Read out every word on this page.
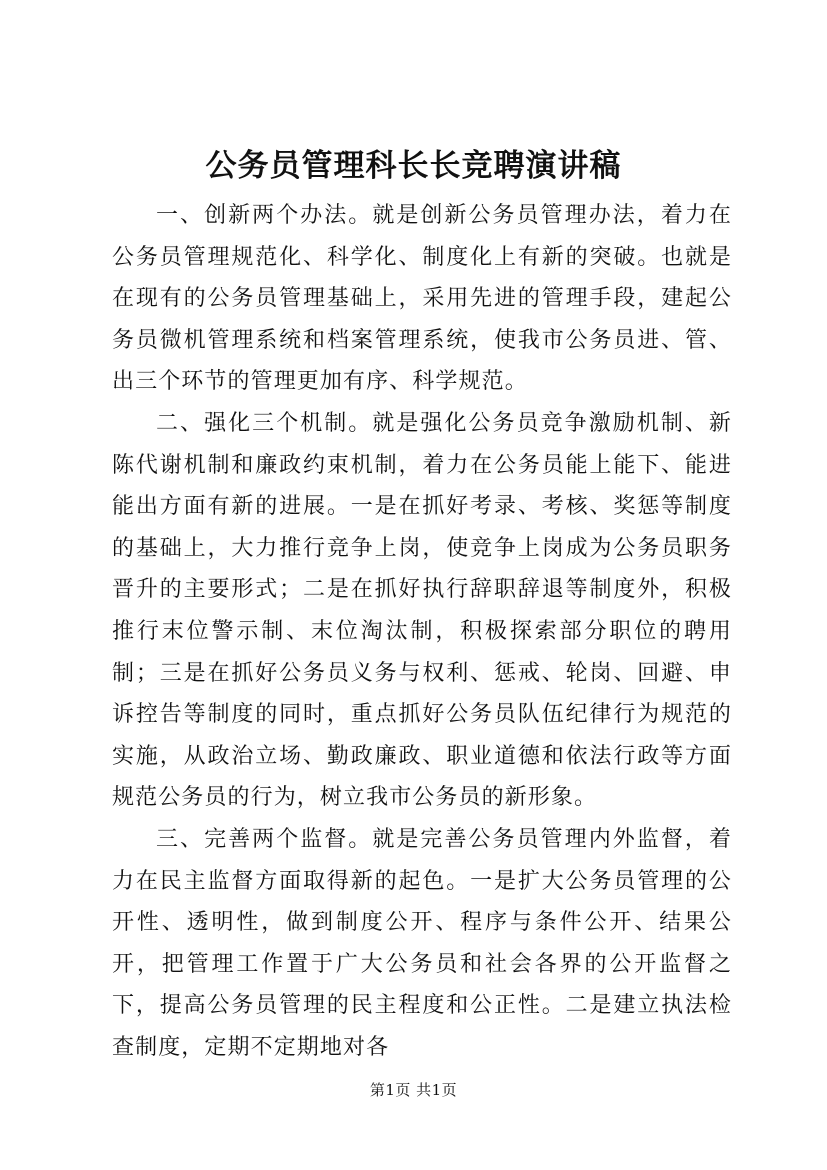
公务员管理科长长竞聘演讲稿

一、创新两个办法。就是创新公务员管理办法，着力在公务员管理规范化、科学化、制度化上有新的突破。也就是在现有的公务员管理基础上，采用先进的管理手段，建起公务员微机管理系统和档案管理系统，使我市公务员进、管、出三个环节的管理更加有序、科学规范。

二、强化三个机制。就是强化公务员竞争激励机制、新陈代谢机制和廉政约束机制，着力在公务员能上能下、能进能出方面有新的进展。一是在抓好考录、考核、奖惩等制度的基础上，大力推行竞争上岗，使竞争上岗成为公务员职务晋升的主要形式；二是在抓好执行辞职辞退等制度外，积极推行末位警示制、末位淘汰制，积极探索部分职位的聘用制；三是在抓好公务员义务与权利、惩戒、轮岗、回避、申诉控告等制度的同时，重点抓好公务员队伍纪律行为规范的实施，从政治立场、勤政廉政、职业道德和依法行政等方面规范公务员的行为，树立我市公务员的新形象。

三、完善两个监督。就是完善公务员管理内外监督，着力在民主监督方面取得新的起色。一是扩大公务员管理的公开性、透明性，做到制度公开、程序与条件公开、结果公开，把管理工作置于广大公务员和社会各界的公开监督之下，提高公务员管理的民主程度和公正性。二是建立执法检查制度，定期不定期地对各

第1页 共1页
